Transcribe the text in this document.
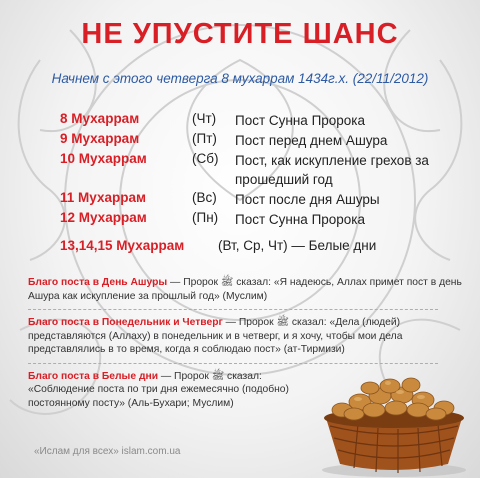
НЕ УПУСТИТЕ ШАНС
Начнем с этого четверга 8 мухаррам 1434г.х. (22/11/2012)
8 Мухаррам	(Чт) Пост Сунна Пророка
9 Мухаррам	(Пт) Пост перед днем Ашура
10 Мухаррам	(Сб) Пост, как искупление грехов за прошедший год
11 Мухаррам	(Вс) Пост после дня Ашуры
12 Мухаррам	(Пн) Пост Сунна Пророка
13,14,15 Мухаррам	(Вт, Ср, Чт) — Белые дни
Благо поста в День Ашуры — Пророк ﷺ сказал: «Я надеюсь, Аллах примет пост в день Ашура как искупление за прошлый год» (Муслим)
Благо поста в Понедельник и Четверг — Пророк ﷺ сказал: «Дела (людей) представляются (Аллаху) в понедельник и в четверг, и я хочу, чтобы мои дела представлялись в то время, когда я соблюдаю пост» (ат-Тирмизи)
Благо поста в Белые дни — Пророк ﷺ сказал: «Соблюдение поста по три дня ежемесячно (подобно) постоянному посту» (Аль-Бухари; Муслим)
«Ислам для всех» islam.com.ua
